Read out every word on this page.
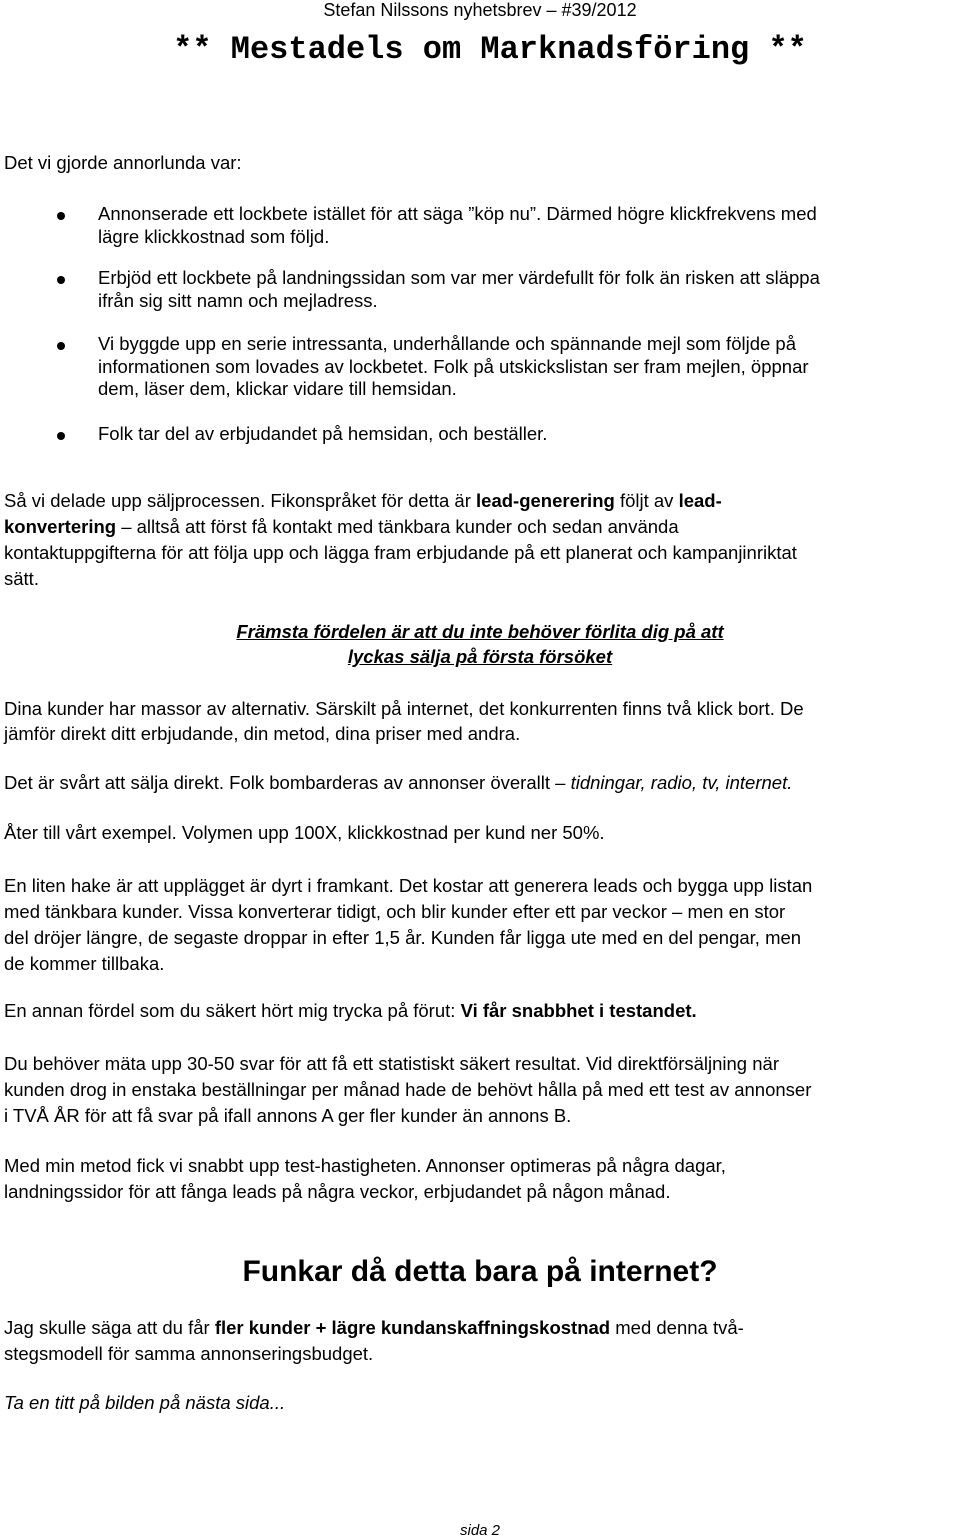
Stefan Nilssons nyhetsbrev – #39/2012
** Mestadels om Marknadsföring **
Det vi gjorde annorlunda var:
Annonserade ett lockbete istället för att säga ”köp nu”. Därmed högre klickfrekvens med
lägre klickkostnad som följd.
Erbjöd ett lockbete på landningssidan som var mer värdefullt för folk än risken att släppa
ifrån sig sitt namn och mejladress.
Vi byggde upp en serie intressanta, underhållande och spännande mejl som följde på
informationen som lovades av lockbetet. Folk på utskickslistan ser fram mejlen, öppnar
dem, läser dem, klickar vidare till hemsidan.
Folk tar del av erbjudandet på hemsidan, och beställer.
Så vi delade upp säljprocessen. Fikonspråket för detta är lead-generering följt av lead-
konvertering – alltså att först få kontakt med tänkbara kunder och sedan använda
kontaktuppgifterna för att följa upp och lägga fram erbjudande på ett planerat och kampanjinriktat
sätt.
Främsta fördelen är att du inte behöver förlita dig på att
lyckas sälja på första försöket
Dina kunder har massor av alternativ. Särskilt på internet, det konkurrenten finns två klick bort. De
jämför direkt ditt erbjudande, din metod, dina priser med andra.
Det är svårt att sälja direkt. Folk bombarderas av annonser överallt – tidningar, radio, tv, internet.
Åter till vårt exempel. Volymen upp 100X, klickkostnad per kund ner 50%.
En liten hake är att upplägget är dyrt i framkant. Det kostar att generera leads och bygga upp listan
med tänkbara kunder. Vissa konverterar tidigt, och blir kunder efter ett par veckor – men en stor
del dröjer längre, de segaste droppar in efter 1,5 år. Kunden får ligga ute med en del pengar, men
de kommer tillbaka.
En annan fördel som du säkert hört mig trycka på förut: Vi får snabbhet i testandet.
Du behöver mäta upp 30-50 svar för att få ett statistiskt säkert resultat. Vid direktförsäljning när
kunden drog in enstaka beställningar per månad hade de behövt hålla på med ett test av annonser
i TVÅ ÅR för att få svar på ifall annons A ger fler kunder än annons B.
Med min metod fick vi snabbt upp test-hastigheten. Annonser optimeras på några dagar,
landningssidor för att fånga leads på några veckor, erbjudandet på någon månad.
Funkar då detta bara på internet?
Jag skulle säga att du får fler kunder + lägre kundanskaffningskostnad med denna två-
stegsmodell för samma annonseringsbudget.
Ta en titt på bilden på nästa sida...
sida 2
